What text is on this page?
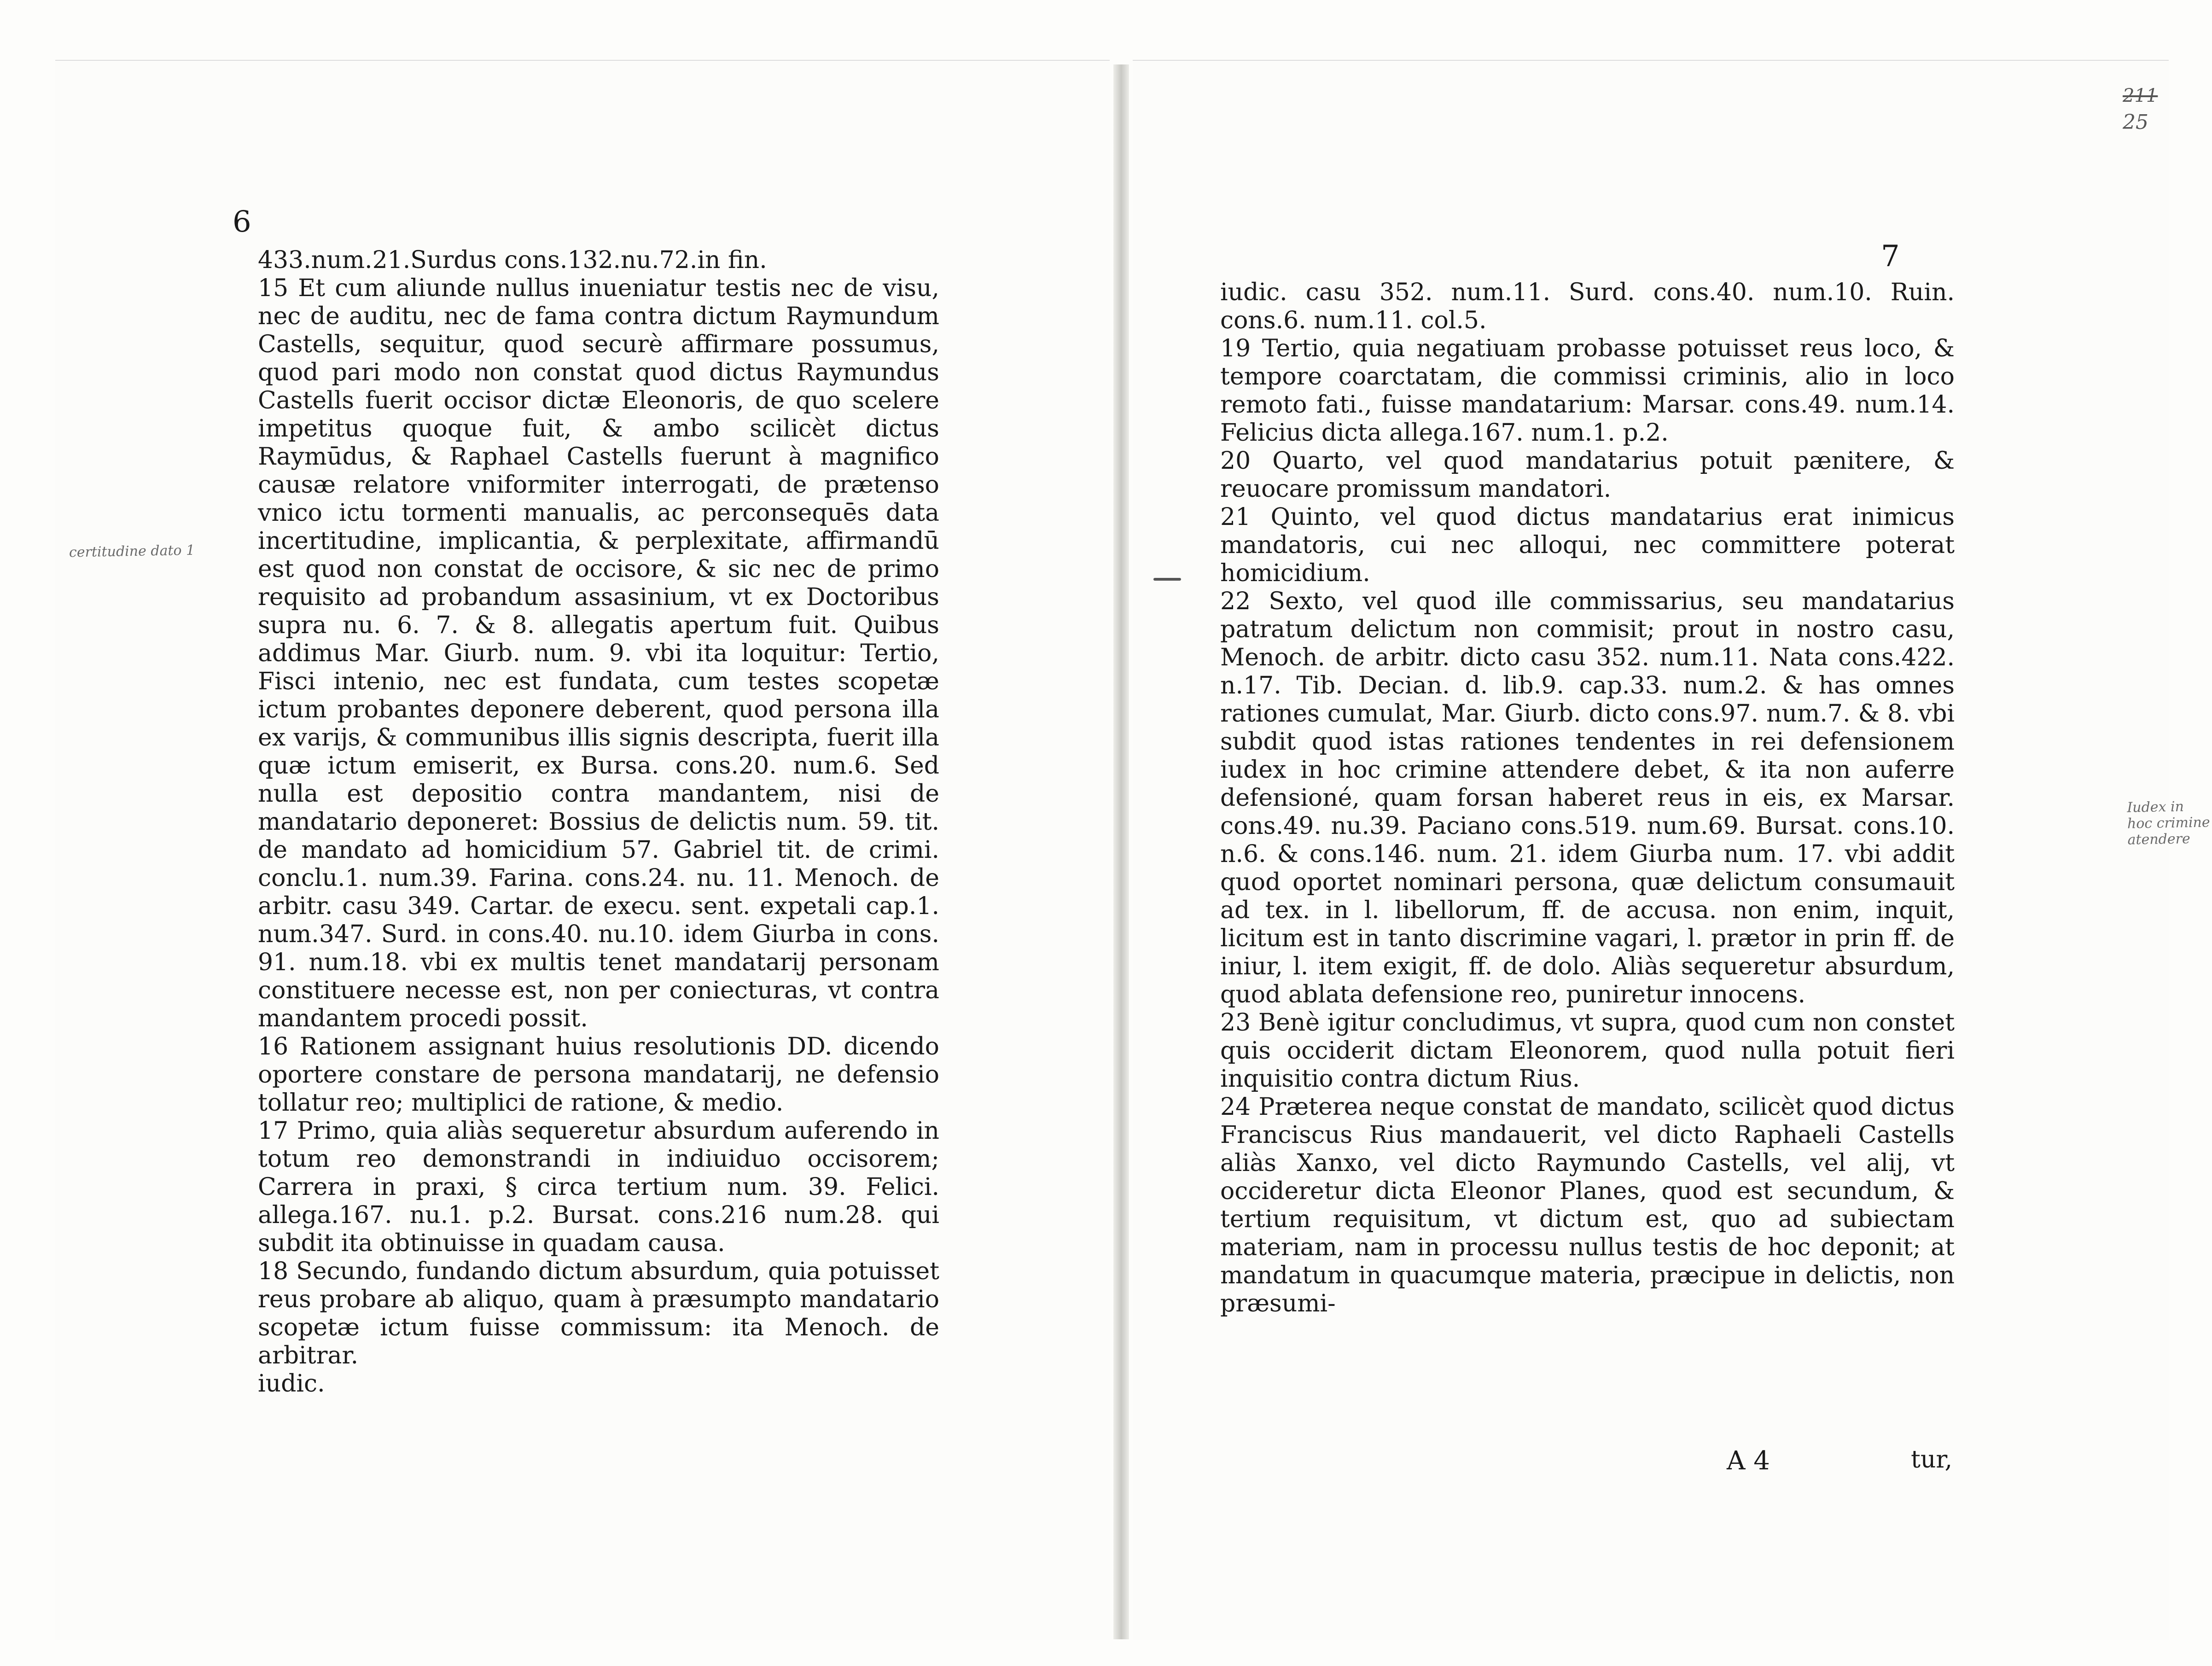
6
433.num.21.Surdus cons.132.nu.72.in fin.
15 Et cum aliunde nullus inueniatur testis nec de visu, nec de auditu, nec de fama contra dictum Raymundum Castells, sequitur, quod securè affirmare possumus, quod pari modo non constat quod dictus Raymundus Castells fuerit occisor dictæ Eleonoris, de quo scelere impetitus quoque fuit, & ambo scilicèt dictus Raymūdus, & Raphael Castells fuerunt à magnifico causæ relatore vniformiter interrogati, de prætenso vnico ictu tormenti manualis, ac perconsequēs data incertitudine, implicantia, & perplexitate, affirmandū est quod non constat de occisore, & sic nec de primo requisito ad probandum assasinium, vt ex Doctoribus supra nu. 6. 7. & 8. allegatis apertum fuit. Quibus addimus Mar. Giurb. num. 9. vbi ita loquitur: Tertio, Fisci intenio, nec est fundata, cum testes scopetæ ictum probantes deponere deberent, quod persona illa ex varijs, & communibus illis signis descripta, fuerit illa quæ ictum emiserit, ex Bursa. cons.20. num.6. Sed nulla est depositio contra mandantem, nisi de mandatario deponeret: Bossius de delictis num. 59. tit. de mandato ad homicidium 57. Gabriel tit. de crimi. conclu.1. num.39. Farina. cons.24. nu. 11. Menoch. de arbitr. casu 349. Cartar. de execu. sent. expetali cap.1. num.347. Surd. in cons.40. nu.10. idem Giurba in cons. 91. num.18. vbi ex multis tenet mandatarij personam constituere necesse est, non per coniecturas, vt contra mandantem procedi possit.
16 Rationem assignant huius resolutionis DD. dicendo oportere constare de persona mandatarij, ne defensio tollatur reo; multiplici de ratione, & medio.
17 Primo, quia aliàs sequeretur absurdum auferendo in totum reo demonstrandi in indiuiduo occisorem; Carrera in praxi, § circa tertium num. 39. Felici. allega.167. nu.1. p.2. Bursat. cons.216 num.28. qui subdit ita obtinuisse in quadam causa.
18 Secundo, fundando dictum absurdum, quia potuisset reus probare ab aliquo, quam à præsumpto mandatario scopetæ ictum fuisse commissum: ita Menoch. de arbitrar.
iudic.
certitudine dato 1
7
iudic. casu 352. num.11. Surd. cons.40. num.10. Ruin. cons.6. num.11. col.5.
19 Tertio, quia negatiuam probasse potuisset reus loco, & tempore coarctatam, die commissi criminis, alio in loco remoto fati., fuisse mandatarium: Marsar. cons.49. num.14. Felicius dicta allega.167. num.1. p.2.
20 Quarto, vel quod mandatarius potuit pænitere, & reuocare promissum mandatori.
21 Quinto, vel quod dictus mandatarius erat inimicus mandatoris, cui nec alloqui, nec committere poterat homicidium.
22 Sexto, vel quod ille commissarius, seu mandatarius patratum delictum non commisit; prout in nostro casu, Menoch. de arbitr. dicto casu 352. num.11. Nata cons.422. n.17. Tib. Decian. d. lib.9. cap.33. num.2. & has omnes rationes cumulat, Mar. Giurb. dicto cons.97. num.7. & 8. vbi subdit quod istas rationes tendentes in rei defensionem iudex in hoc crimine attendere debet, & ita non auferre defensioné, quam forsan haberet reus in eis, ex Marsar. cons.49. nu.39. Paciano cons.519. num.69. Bursat. cons.10. n.6. & cons.146. num. 21. idem Giurba num. 17. vbi addit quod oportet nominari persona, quæ delictum consumauit ad tex. in l. libellorum, ff. de accusa. non enim, inquit, licitum est in tanto discrimine vagari, l. prætor in prin ff. de iniur, l. item exigit, ff. de dolo. Aliàs sequeretur absurdum, quod ablata defensione reo, puniretur innocens.
23 Benè igitur concludimus, vt supra, quod cum non constet quis occiderit dictam Eleonorem, quod nulla potuit fieri inquisitio contra dictum Rius.
24 Præterea neque constat de mandato, scilicèt quod dictus Franciscus Rius mandauerit, vel dicto Raphaeli Castells aliàs Xanxo, vel dicto Raymundo Castells, vel alij, vt occideretur dicta Eleonor Planes, quod est secundum, & tertium requisitum, vt dictum est, quo ad subiectam materiam, nam in processu nullus testis de hoc deponit; at mandatum in quacumque materia, præcipue in delictis, non præsumi-
Iudex in hoc crimine atendere
211
25
A 4	tur,
